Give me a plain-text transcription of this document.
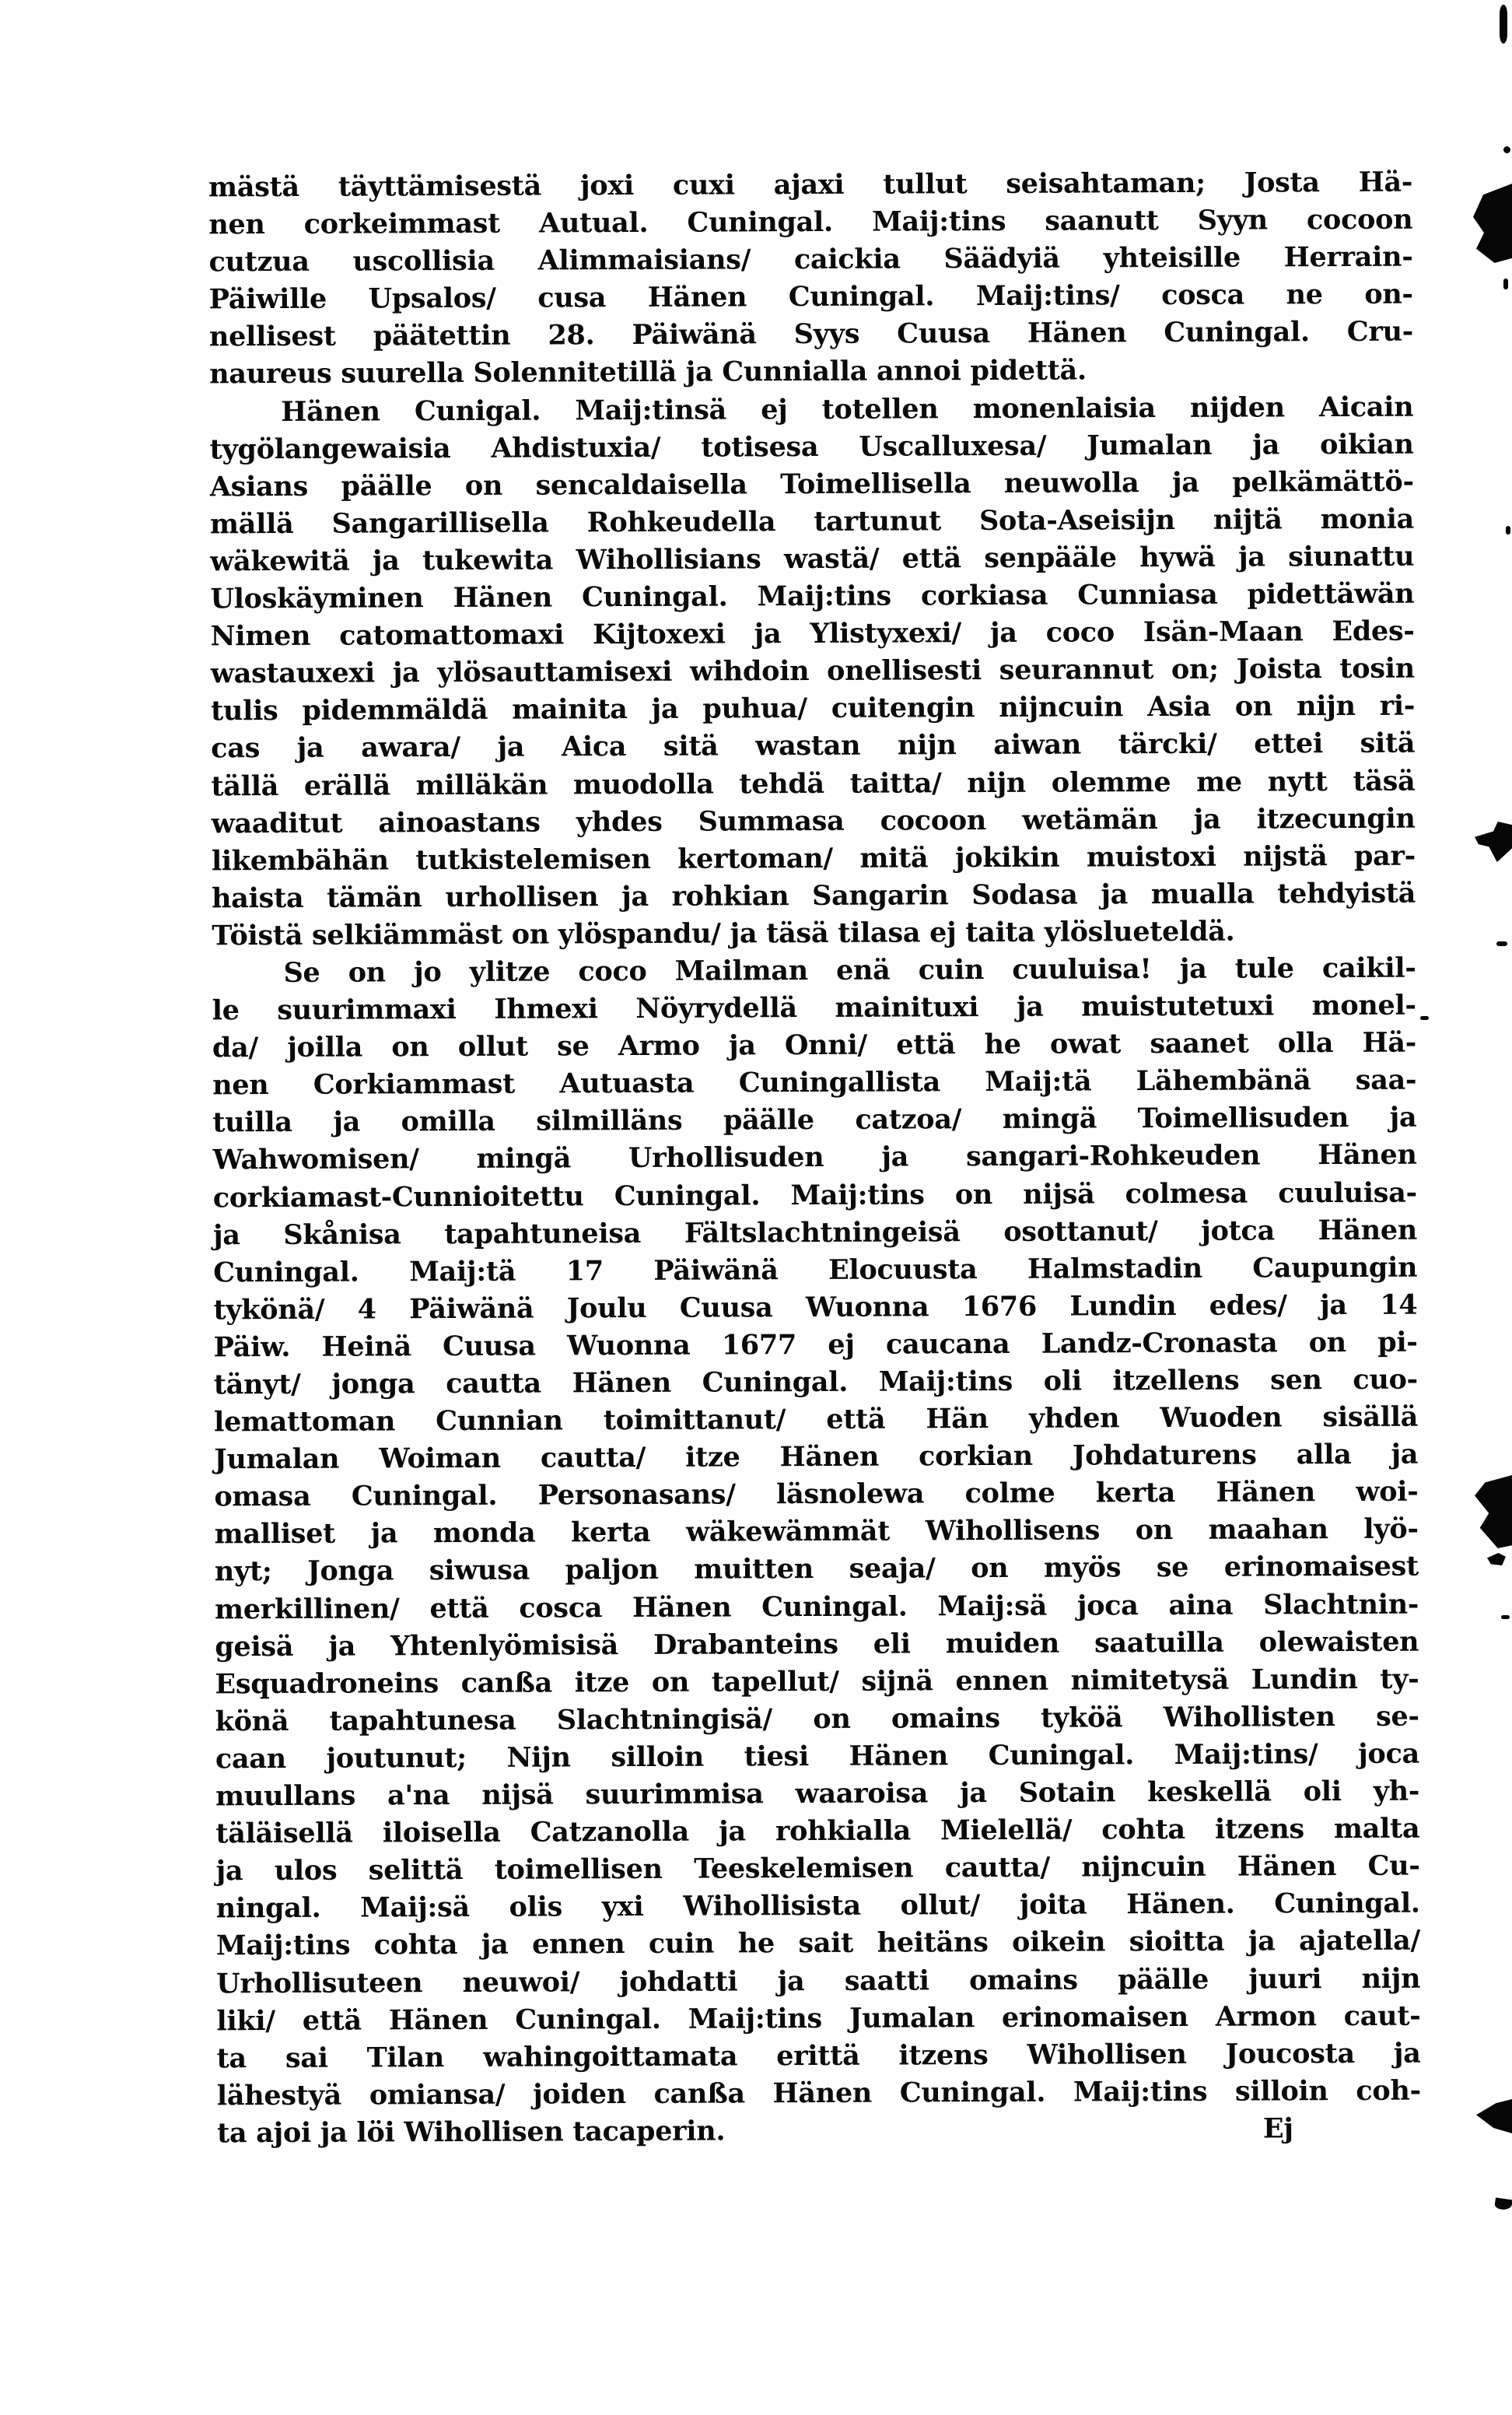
mästä täyttämisestä joxi cuxi ajaxi tullut seisahtaman; Josta Hä-
nen corkeimmast Autual. Cuningal. Maij:tins saanutt Syyn cocoon
cutzua uscollisia Alimmaisians/ caickia Säädyiä yhteisille Herrain-
Päiwille Upsalos/ cusa Hänen Cuningal. Maij:tins/ cosca ne on-
nellisest päätettin 28. Päiwänä Syys Cuusa Hänen Cuningal. Cru-
naureus suurella Solennitetillä ja Cunnialla annoi pidettä.
Hänen Cunigal. Maij:tinsä ej totellen monenlaisia nijden Aicain
tygölangewaisia Ahdistuxia/ totisesa Uscalluxesa/ Jumalan ja oikian
Asians päälle on sencaldaisella Toimellisella neuwolla ja pelkämättö-
mällä Sangarillisella Rohkeudella tartunut Sota-Aseisijn nijtä monia
wäkewitä ja tukewita Wihollisians wastä/ että senpääle hywä ja siunattu
Uloskäyminen Hänen Cuningal. Maij:tins corkiasa Cunniasa pidettäwän
Nimen catomattomaxi Kijtoxexi ja Ylistyxexi/ ja coco Isän-Maan Edes-
wastauxexi ja ylösauttamisexi wihdoin onellisesti seurannut on; Joista tosin
tulis pidemmäldä mainita ja puhua/ cuitengin nijncuin Asia on nijn ri-
cas ja awara/ ja Aica sitä wastan nijn aiwan tärcki/ ettei sitä
tällä erällä milläkän muodolla tehdä taitta/ nijn olemme me nytt täsä
waaditut ainoastans yhdes Summasa cocoon wetämän ja itzecungin
likembähän tutkistelemisen kertoman/ mitä jokikin muistoxi nijstä par-
haista tämän urhollisen ja rohkian Sangarin Sodasa ja mualla tehdyistä
Töistä selkiämmäst on ylöspandu/ ja täsä tilasa ej taita ylöslueteldä.
Se on jo ylitze coco Mailman enä cuin cuuluisa! ja tule caikil-
le suurimmaxi Ihmexi Nöyrydellä mainituxi ja muistutetuxi monel-
da/ joilla on ollut se Armo ja Onni/ että he owat saanet olla Hä-
nen Corkiammast Autuasta Cuningallista Maij:tä Lähembänä saa-
tuilla ja omilla silmilläns päälle catzoa/ mingä Toimellisuden ja
Wahwomisen/ mingä Urhollisuden ja sangari-Rohkeuden Hänen
corkiamast-Cunnioitettu Cuningal. Maij:tins on nijsä colmesa cuuluisa-
ja Skånisa tapahtuneisa Fältslachtningeisä osottanut/ jotca Hänen
Cuningal. Maij:tä 17 Päiwänä Elocuusta Halmstadin Caupungin
tykönä/ 4 Päiwänä Joulu Cuusa Wuonna 1676 Lundin edes/ ja 14
Päiw. Heinä Cuusa Wuonna 1677 ej caucana Landz-Cronasta on pi-
tänyt/ jonga cautta Hänen Cuningal. Maij:tins oli itzellens sen cuo-
lemattoman Cunnian toimittanut/ että Hän yhden Wuoden sisällä
Jumalan Woiman cautta/ itze Hänen corkian Johdaturens alla ja
omasa Cuningal. Personasans/ läsnolewa colme kerta Hänen woi-
malliset ja monda kerta wäkewämmät Wihollisens on maahan lyö-
nyt; Jonga siwusa paljon muitten seaja/ on myös se erinomaisest
merkillinen/ että cosca Hänen Cuningal. Maij:sä joca aina Slachtnin-
geisä ja Yhtenlyömisisä Drabanteins eli muiden saatuilla olewaisten
Esquadroneins canßa itze on tapellut/ sijnä ennen nimitetysä Lundin ty-
könä tapahtunesa Slachtningisä/ on omains tyköä Wihollisten se-
caan joutunut; Nijn silloin tiesi Hänen Cuningal. Maij:tins/ joca
muullans a'na nijsä suurimmisa waaroisa ja Sotain keskellä oli yh-
täläisellä iloisella Catzanolla ja rohkialla Mielellä/ cohta itzens malta
ja ulos selittä toimellisen Teeskelemisen cautta/ nijncuin Hänen Cu-
ningal. Maij:sä olis yxi Wihollisista ollut/ joita Hänen. Cuningal.
Maij:tins cohta ja ennen cuin he sait heitäns oikein sioitta ja ajatella/
Urhollisuteen neuwoi/ johdatti ja saatti omains päälle juuri nijn
liki/ että Hänen Cuningal. Maij:tins Jumalan erinomaisen Armon caut-
ta sai Tilan wahingoittamata erittä itzens Wihollisen Joucosta ja
lähestyä omiansa/ joiden canßa Hänen Cuningal. Maij:tins silloin coh-
ta ajoi ja löi Wihollisen tacaperin.	Ej
